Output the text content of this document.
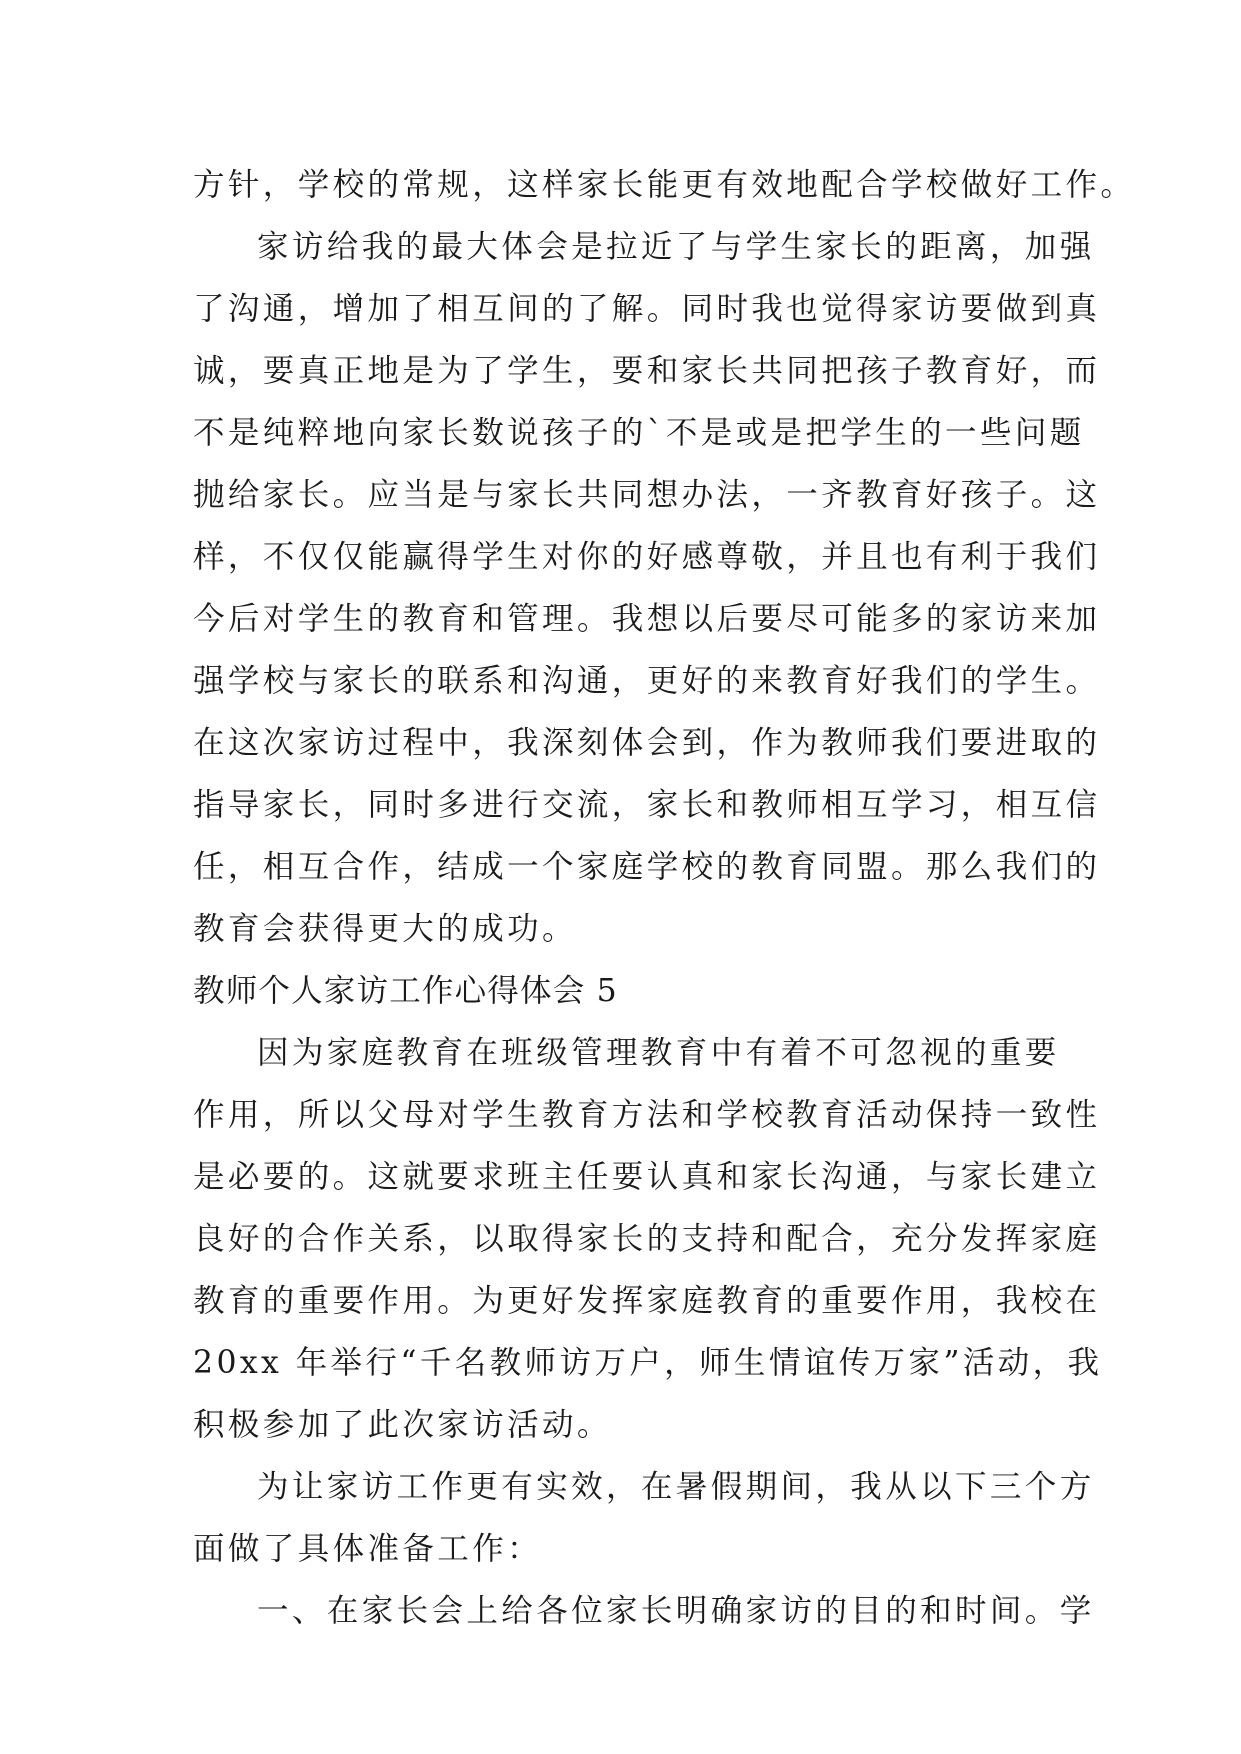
方针，学校的常规，这样家长能更有效地配合学校做好工作。
家访给我的最大体会是拉近了与学生家长的距离，加强
了沟通，增加了相互间的了解。同时我也觉得家访要做到真
诚，要真正地是为了学生，要和家长共同把孩子教育好，而
不是纯粹地向家长数说孩子的`不是或是把学生的一些问题
抛给家长。应当是与家长共同想办法，一齐教育好孩子。这
样，不仅仅能赢得学生对你的好感尊敬，并且也有利于我们
今后对学生的教育和管理。我想以后要尽可能多的家访来加
强学校与家长的联系和沟通，更好的来教育好我们的学生。
在这次家访过程中，我深刻体会到，作为教师我们要进取的
指导家长，同时多进行交流，家长和教师相互学习，相互信
任，相互合作，结成一个家庭学校的教育同盟。那么我们的
教育会获得更大的成功。
教师个人家访工作心得体会 5
因为家庭教育在班级管理教育中有着不可忽视的重要
作用，所以父母对学生教育方法和学校教育活动保持一致性
是必要的。这就要求班主任要认真和家长沟通，与家长建立
良好的合作关系，以取得家长的支持和配合，充分发挥家庭
教育的重要作用。为更好发挥家庭教育的重要作用，我校在
20xx 年举行“千名教师访万户，师生情谊传万家”活动，我
积极参加了此次家访活动。
为让家访工作更有实效，在暑假期间，我从以下三个方
面做了具体准备工作：
一、在家长会上给各位家长明确家访的目的和时间。学
